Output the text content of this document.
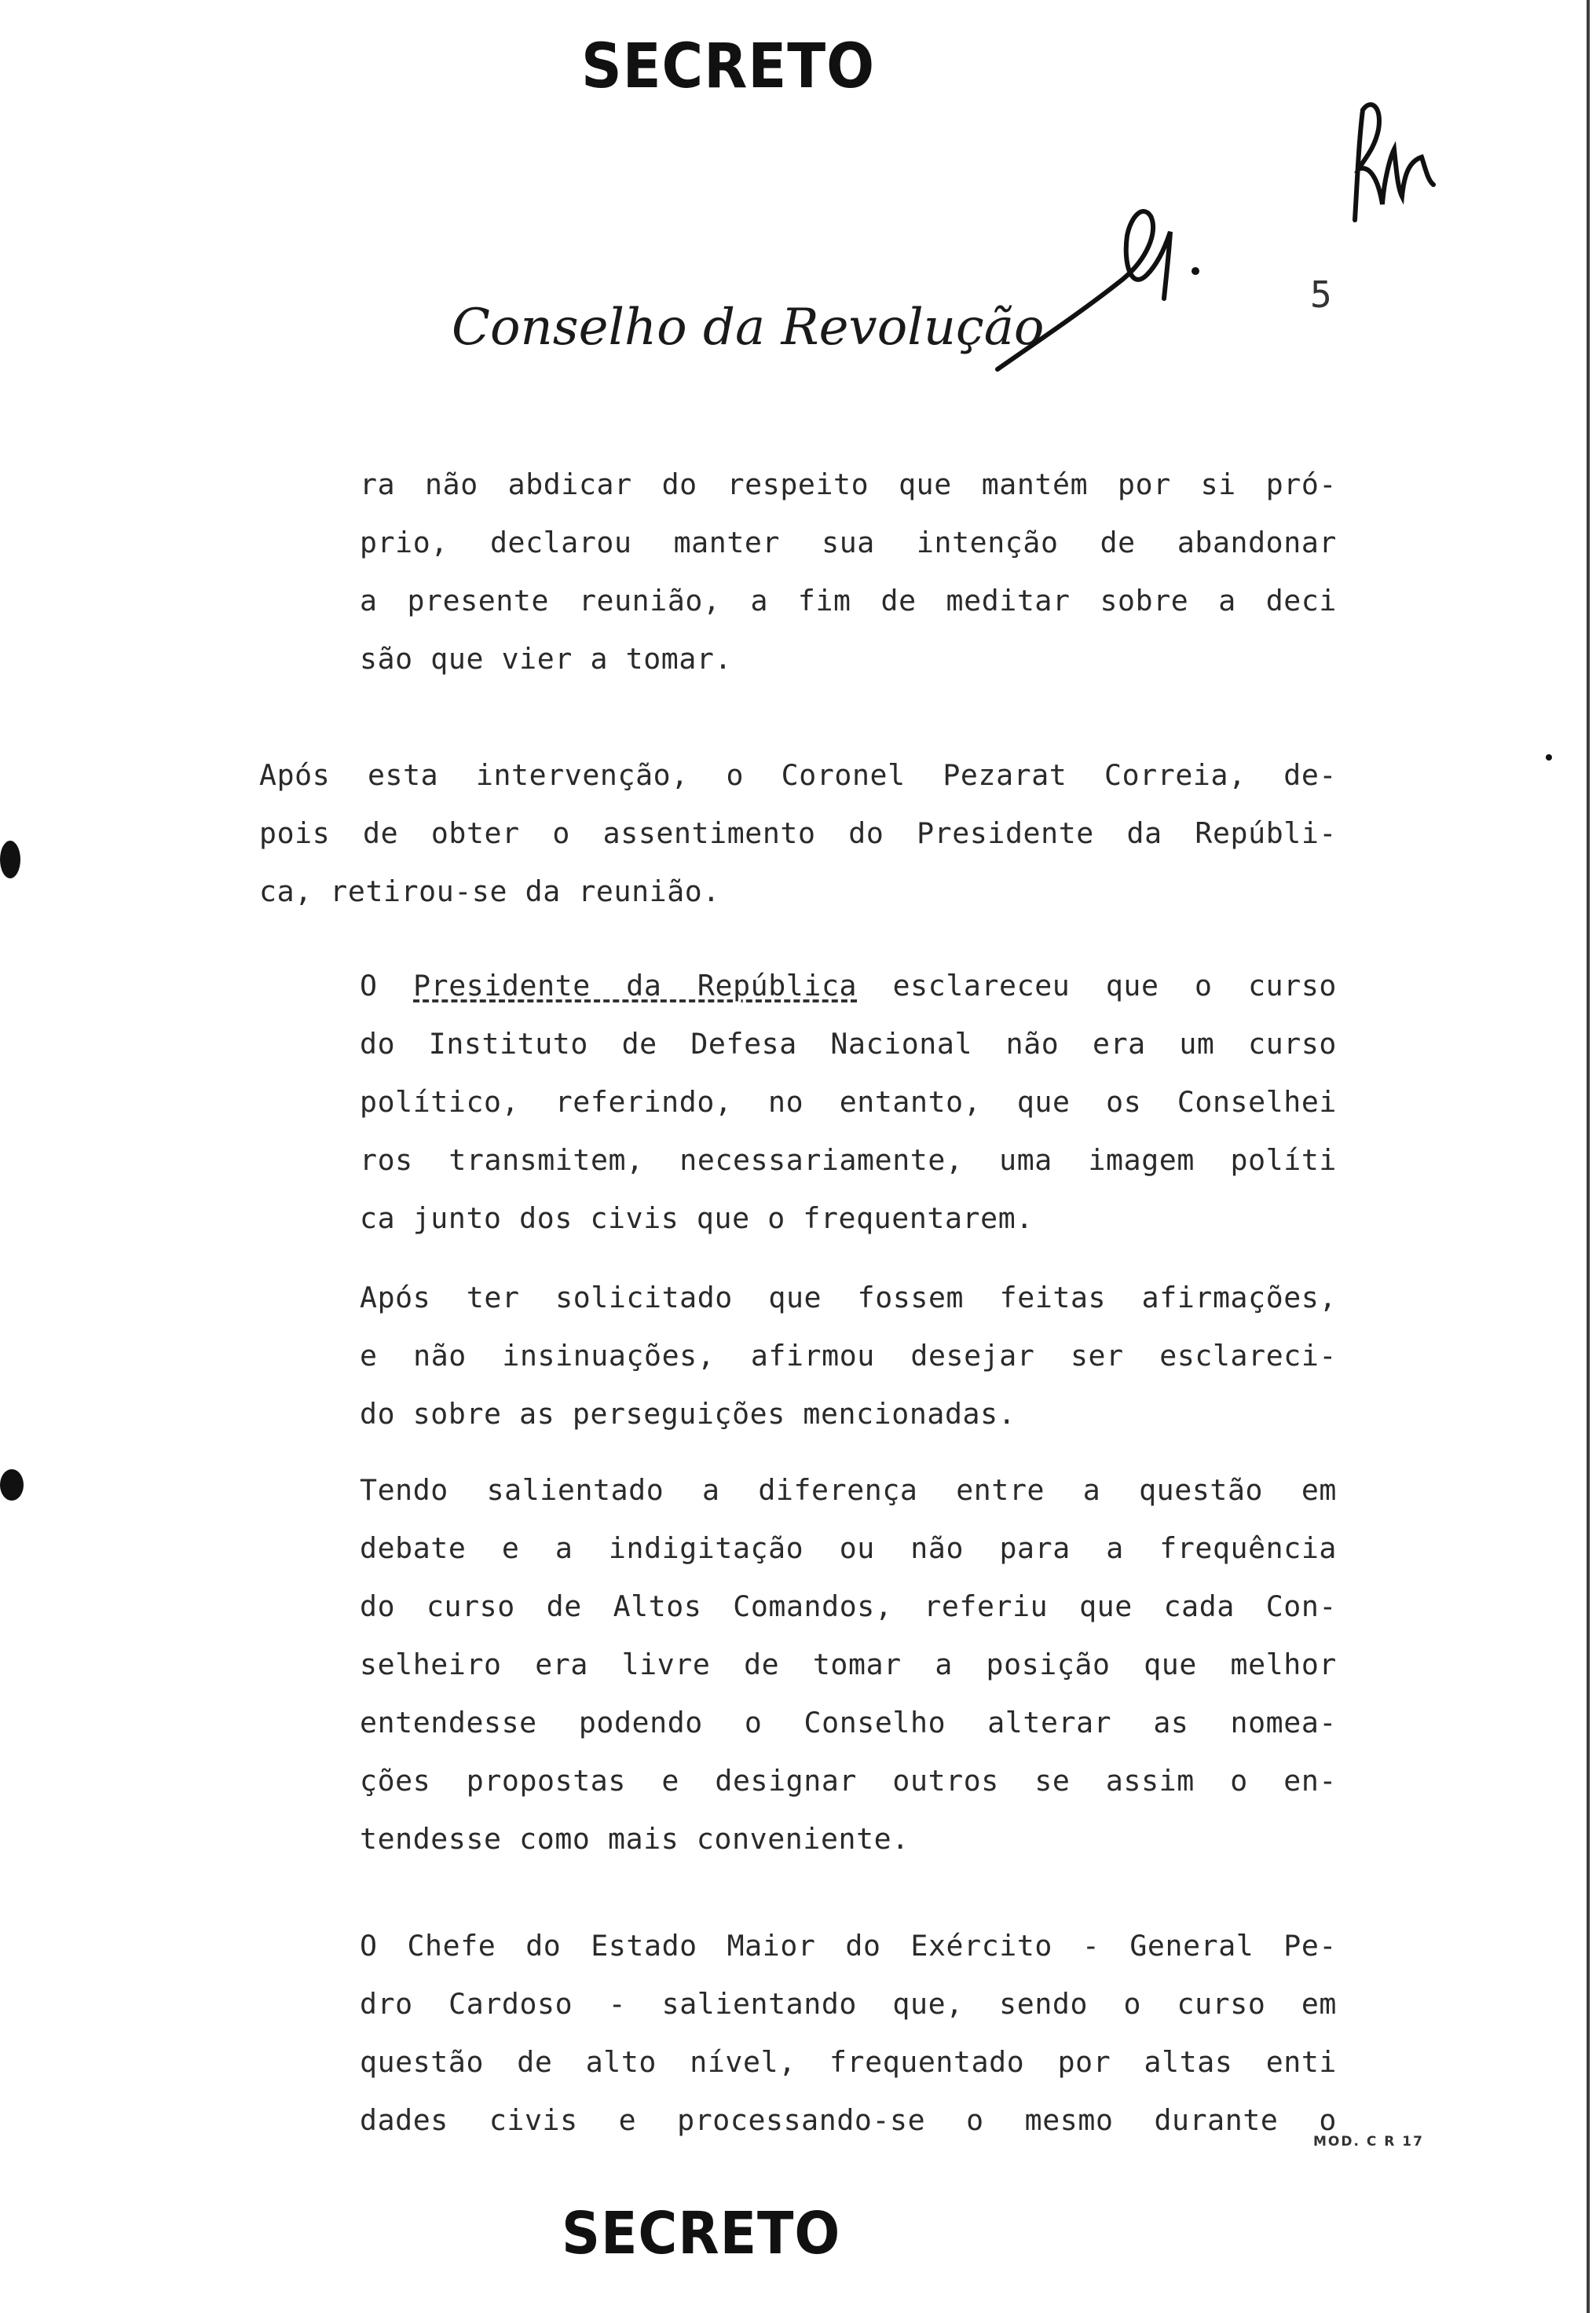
SECRETO
Conselho da Revolução
5
ra não abdicar do respeito que mantém por si pró-
prio, declarou manter sua intenção de abandonar
a presente reunião, a fim de meditar sobre a deci
são que vier a tomar.
Após esta intervenção, o Coronel Pezarat Correia, de-
pois de obter o assentimento do Presidente da Repúbli-
ca, retirou-se da reunião.
O Presidente da República esclareceu que o curso
do Instituto de Defesa Nacional não era um curso
político, referindo, no entanto, que os Conselhei
ros transmitem, necessariamente, uma imagem políti
ca junto dos civis que o frequentarem.
Após ter solicitado que fossem feitas afirmações,
e não insinuações, afirmou desejar ser esclareci-
do sobre as perseguições mencionadas.
Tendo salientado a diferença entre a questão em
debate e a indigitação ou não para a frequência
do curso de Altos Comandos, referiu que cada Con-
selheiro era livre de tomar a posição que melhor
entendesse podendo o Conselho alterar as nomea-
ções propostas e designar outros se assim o en-
tendesse como mais conveniente.
O Chefe do Estado Maior do Exército - General Pe-
dro Cardoso - salientando que, sendo o curso em
questão de alto nível, frequentado por altas enti
dades civis e processando-se o mesmo durante o
MOD. C R 17
SECRETO
